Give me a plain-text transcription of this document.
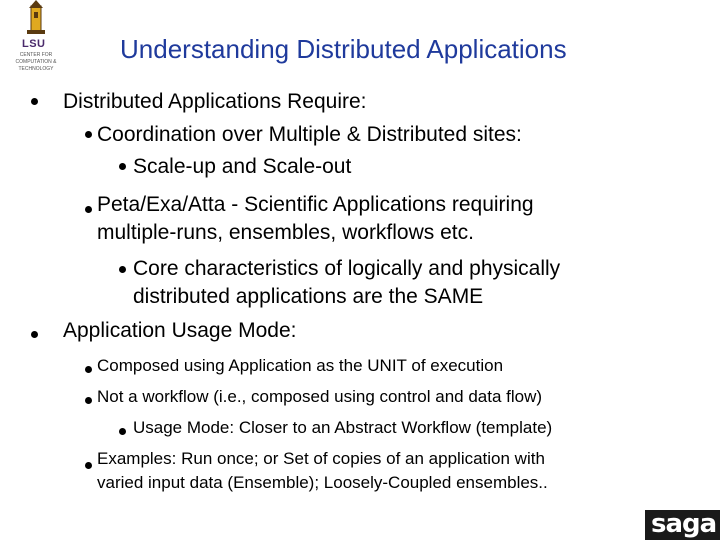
LSU
CENTER FOR COMPUTATION & TECHNOLOGY
Understanding Distributed Applications
Distributed Applications Require:
Coordination over Multiple & Distributed sites:
Scale-up and Scale-out
Peta/Exa/Atta - Scientific Applications requiring
multiple-runs, ensembles, workflows etc.
Core characteristics of logically and physically
distributed applications are the SAME
Application Usage Mode:
Composed using Application as the UNIT of execution
Not a workflow (i.e., composed using control and data flow)
Usage Mode: Closer to an Abstract Workflow (template)
Examples: Run once; or Set of copies of an application with
varied input data (Ensemble); Loosely-Coupled ensembles..
saga
